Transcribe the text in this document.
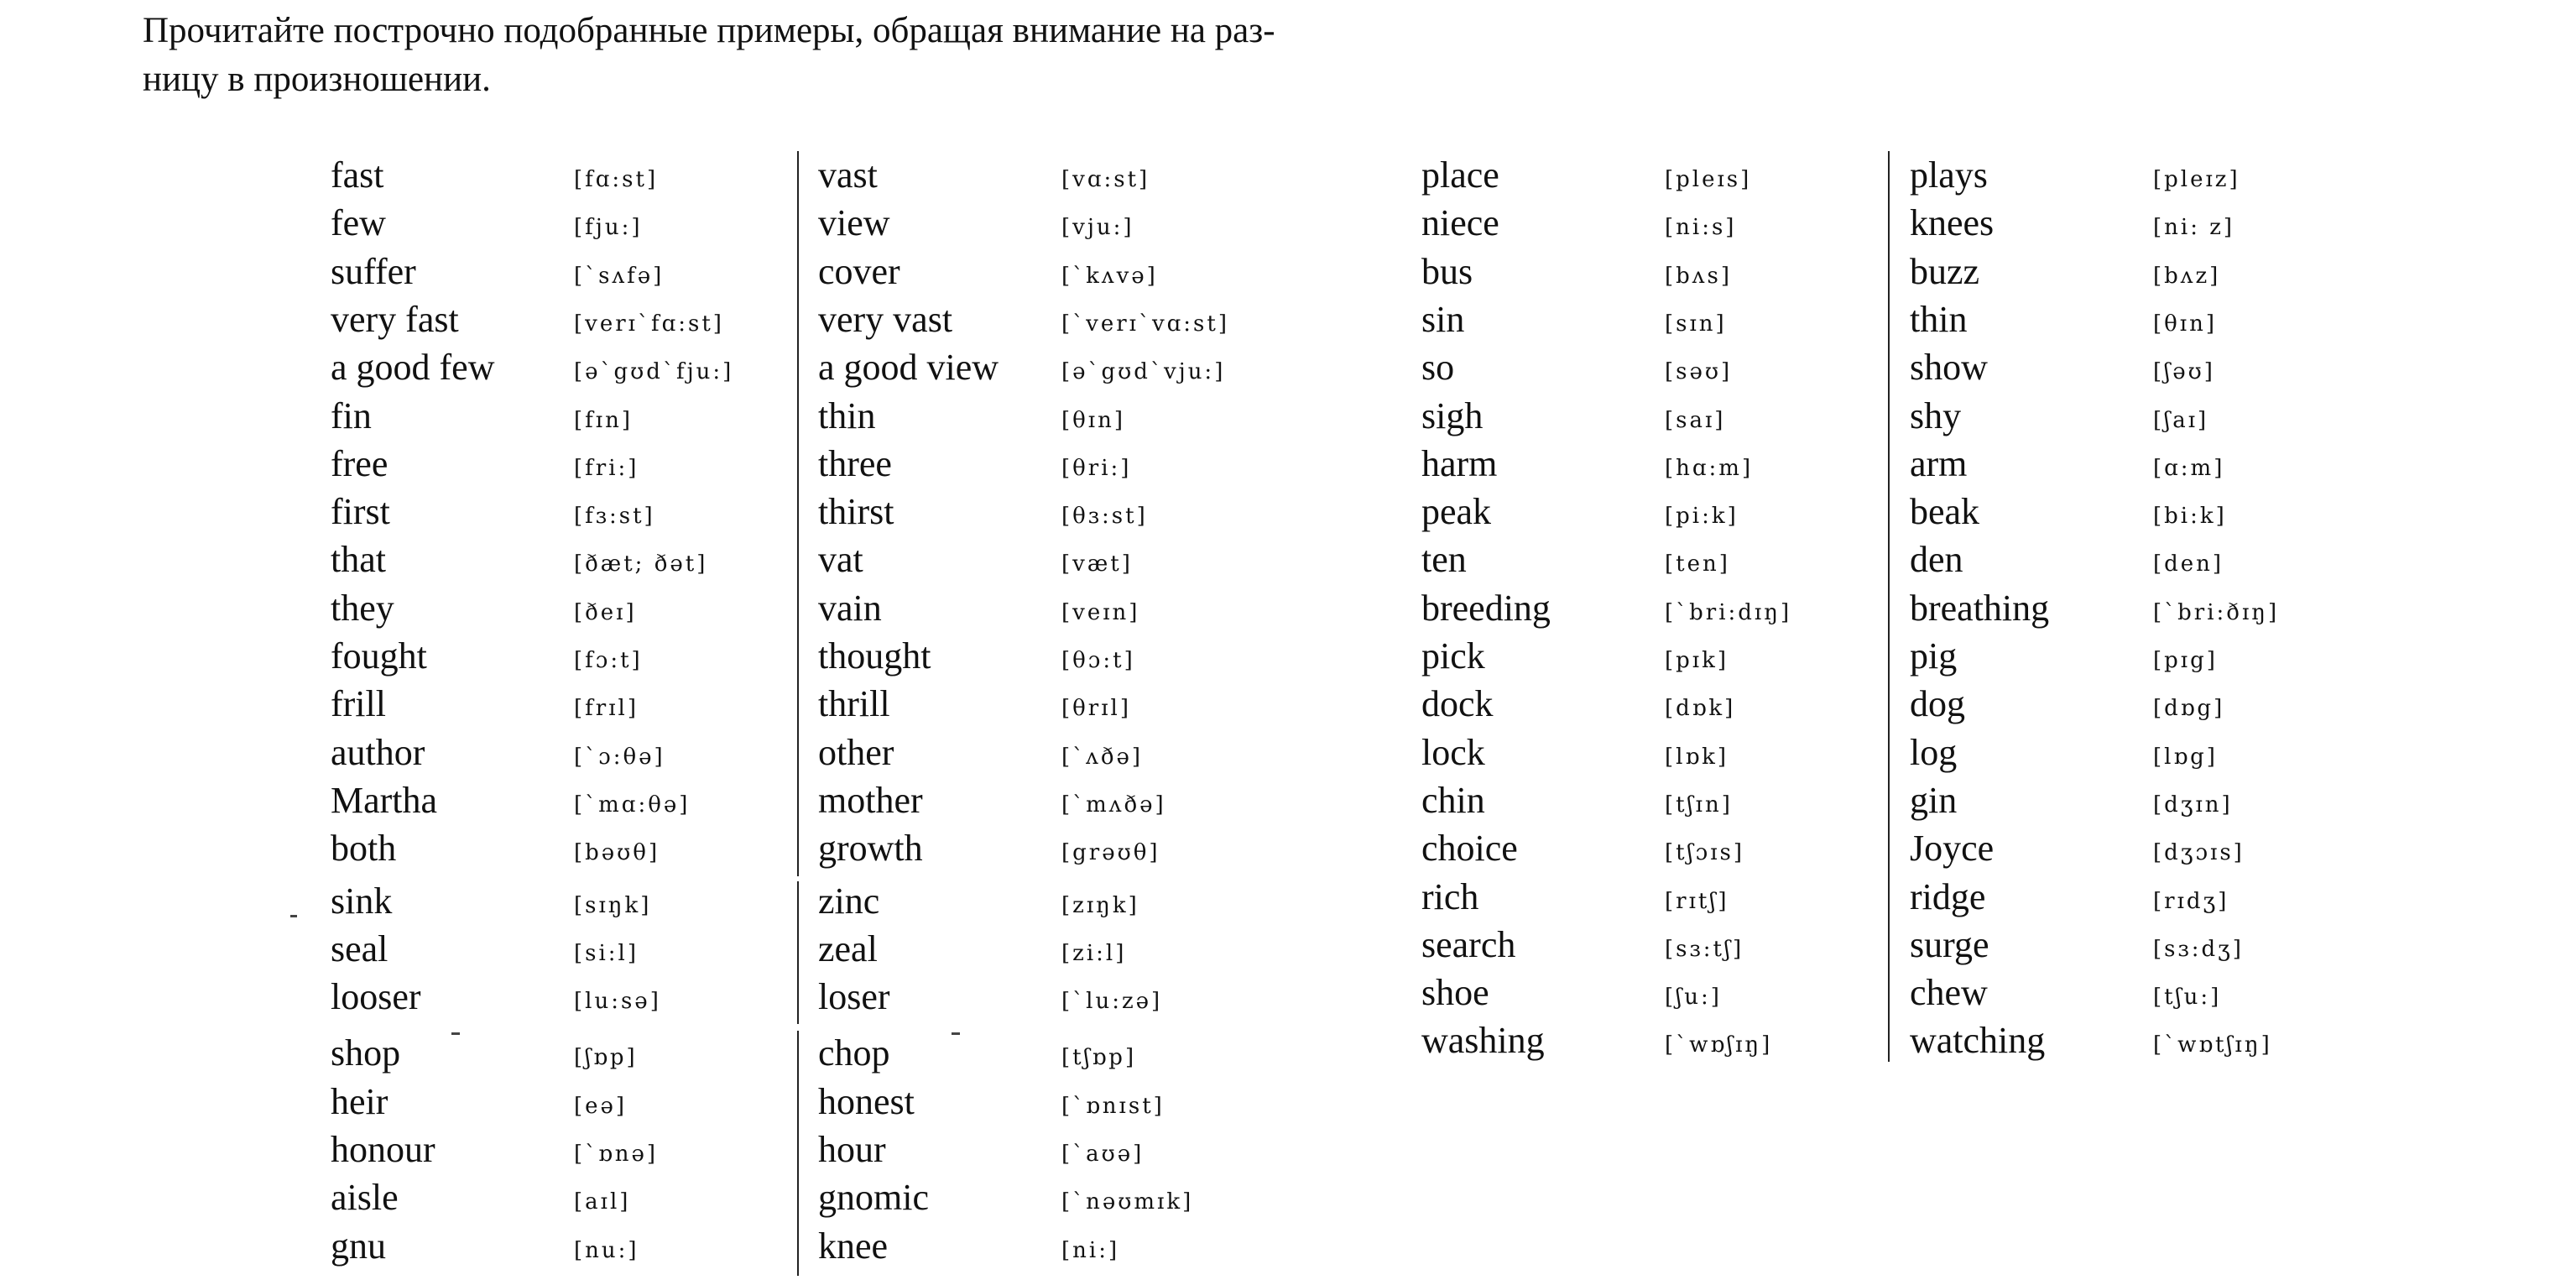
Прочитайте построчно подобранные примеры, обращая внимание на раз-
ницу в произношении.

fast	[fɑ:st]
few	[fju:]
suffer	[`sʌfə]
very fast	[verɪ`fɑ:st]
a good few	[ə`gʊd`fju:]
fin	[fɪn]
free	[fri:]
first	[fɜ:st]
that	[ðæt; ðət]
they	[ðeɪ]
fought	[fɔ:t]
frill	[frɪl]
author	[`ɔ:θə]
Martha	[`mɑ:θə]
both	[bəʊθ]
sink	[sɪŋk]
seal	[si:l]
looser	[lu:sə]
shop	[ʃɒp]
heir	[eə]
honour	[`ɒnə]
aisle	[aɪl]
gnu	[nu:]
vast	[vɑ:st]
view	[vju:]
cover	[`kʌvə]
very vast	[`verɪ`vɑ:st]
a good view	[ə`gʊd`vju:]
thin	[θɪn]
three	[θri:]
thirst	[θɜ:st]
vat	[væt]
vain	[veɪn]
thought	[θɔ:t]
thrill	[θrɪl]
other	[`ʌðə]
mother	[`mʌðə]
growth	[grəʊθ]
zinc	[zɪŋk]
zeal	[zi:l]
loser	[`lu:zə]
chop	[tʃɒp]
honest	[`ɒnɪst]
hour	[`aʊə]
gnomic	[`nəʊmɪk]
knee	[ni:]
place	[pleɪs]
niece	[ni:s]
bus	[bʌs]
sin	[sɪn]
so	[səʊ]
sigh	[saɪ]
harm	[hɑ:m]
peak	[pi:k]
ten	[ten]
breeding	[`bri:dɪŋ]
pick	[pɪk]
dock	[dɒk]
lock	[lɒk]
chin	[tʃɪn]
choice	[tʃɔɪs]
rich	[rɪtʃ]
search	[sɜ:tʃ]
shoe	[ʃu:]
washing	[`wɒʃɪŋ]
plays	[pleɪz]
knees	[ni: z]
buzz	[bʌz]
thin	[θɪn]
show	[ʃəʊ]
shy	[ʃaɪ]
arm	[ɑ:m]
beak	[bi:k]
den	[den]
breathing	[`bri:ðɪŋ]
pig	[pɪg]
dog	[dɒg]
log	[lɒg]
gin	[dʒɪn]
Joyce	[dʒɔɪs]
ridge	[rɪdʒ]
surge	[sɜ:dʒ]
chew	[tʃu:]
watching	[`wɒtʃɪŋ]
